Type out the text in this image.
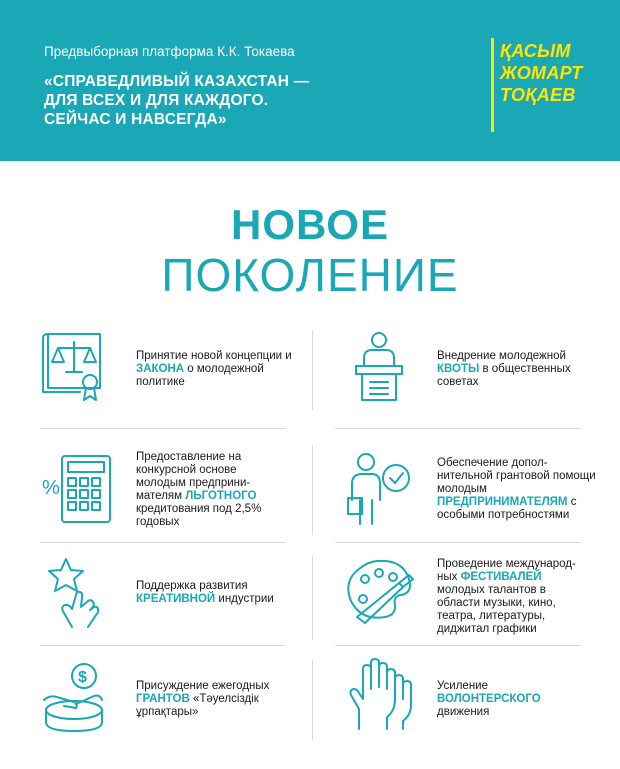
Предвыборная платформа К.К. Токаева
«СПРАВЕДЛИВЫЙ КАЗАХСТАН —
ДЛЯ ВСЕХ И ДЛЯ КАЖДОГО.
СЕЙЧАС И НАВСЕГДА»
ҚАСЫМ
ЖОМАРТ
ТОҚАЕВ
НОВОЕ
ПОКОЛЕНИЕ
%
$
Принятие новой концепции и ЗАКОНА о молодежной политике
Внедрение молодежной КВОТЫ в общественных советах
Предоставление на конкурсной основе молодым предприни-мателям ЛЬГОТНОГО кредитования под 2,5% годовых
Обеспечение допол-нительной грантовой помощи молодым ПРЕДПРИНИМАТЕЛЯМ с особыми потребностями
Поддержка развития КРЕАТИВНОЙ индустрии
Проведение международ-ных ФЕСТИВАЛЕЙ молодых талантов в области музыки, кино, театра, литературы, диджитал графики
Присуждение ежегодных ГРАНТОВ «Тәуелсіздік ұрпақтары»
Усиление ВОЛОНТЕРСКОГО движения
